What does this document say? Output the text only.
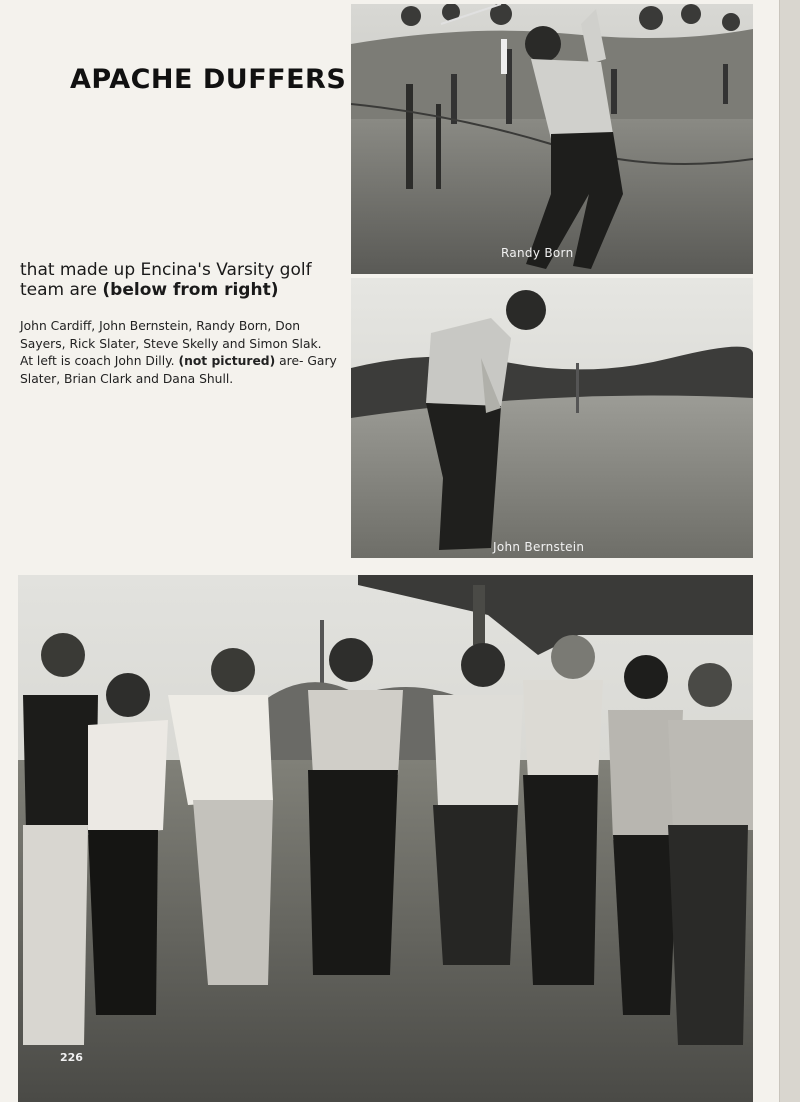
APACHE DUFFERS

that made up Encina's Varsity golf team are (below from right)

John Cardiff, John Bernstein, Randy Born, Don Sayers, Rick Slater, Steve Skelly and Simon Slak. At left is coach John Dilly. (not pictured) are- Gary Slater, Brian Clark and Dana Shull.

Randy Born
John Bernstein
226
